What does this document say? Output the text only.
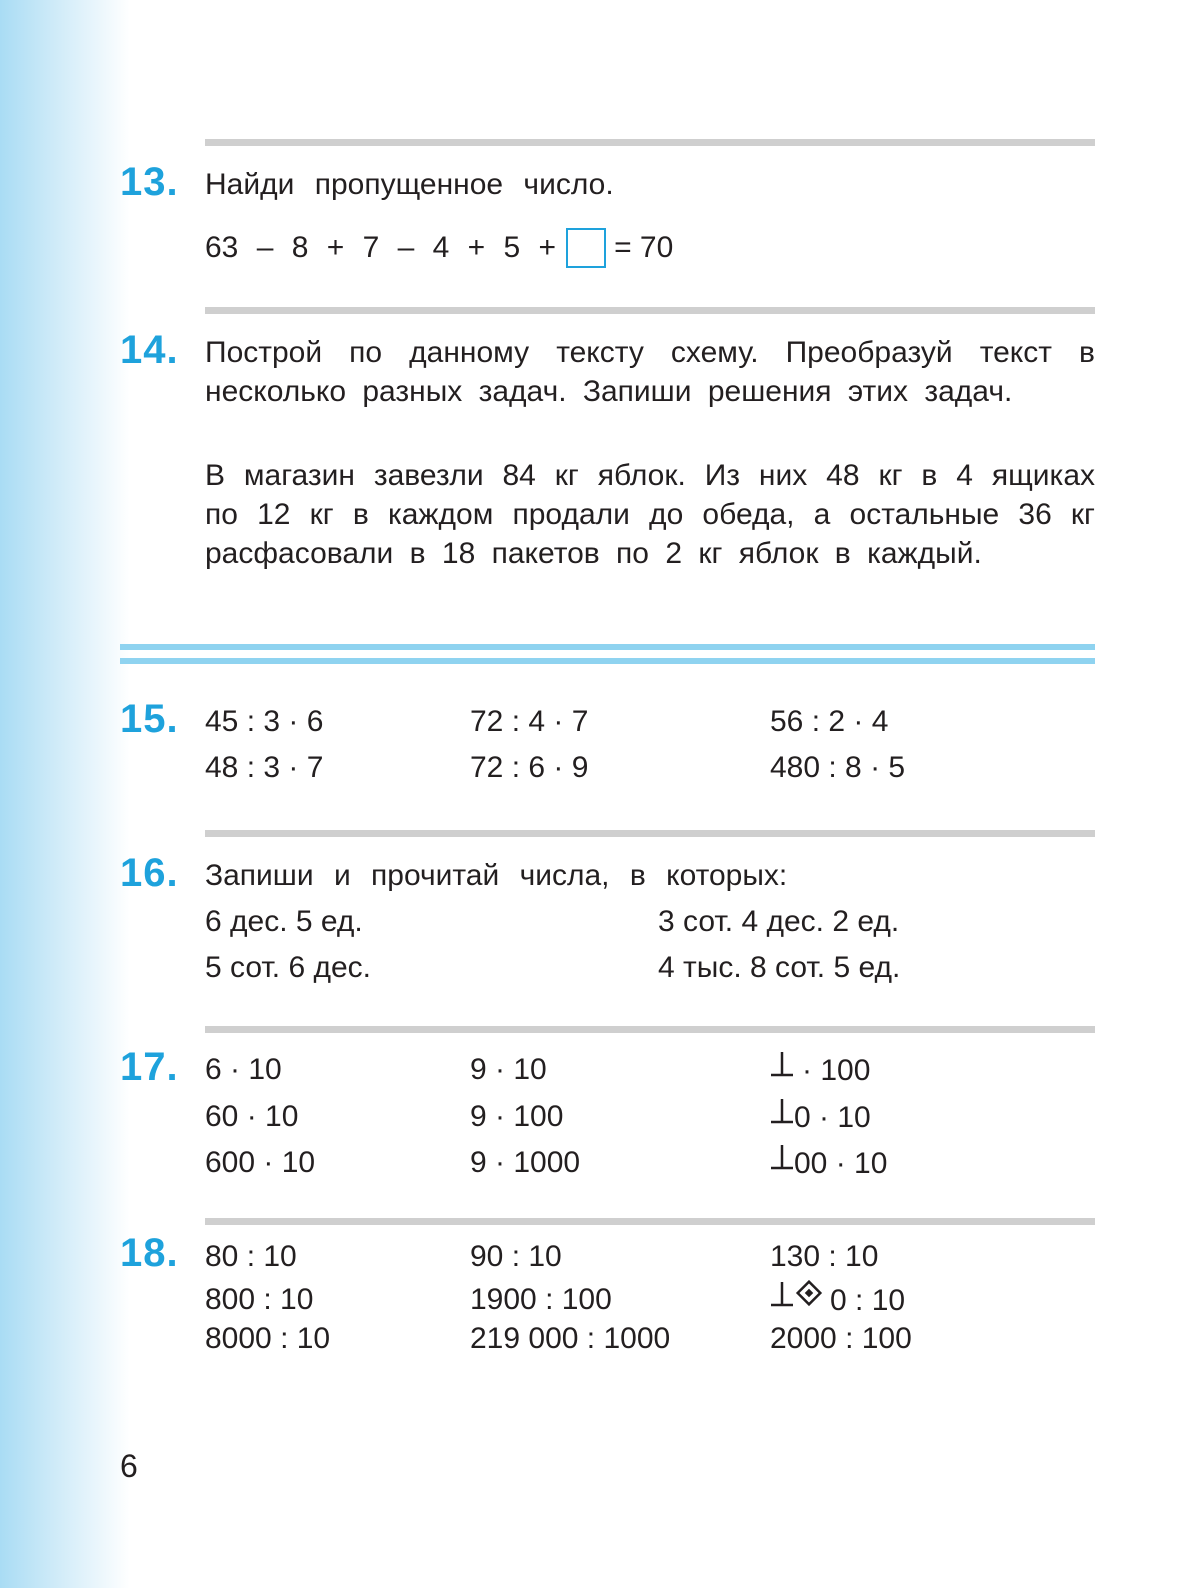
13. Найди пропущенное число.
63 – 8 + 7 – 4 + 5 + = 70
14. Построй по данному тексту схему. Преобразуй текст в несколько разных задач. Запиши решения этих задач.
В магазин завезли 84 кг яблок. Из них 48 кг в 4 ящиках по 12 кг в каждом продали до обеда, а остальные 36 кг расфасовали в 18 пакетов по 2 кг яблок в каждый.
15. 45 : 3 · 6	72 : 4 · 7	56 : 2 · 4
48 : 3 · 7	72 : 6 · 9	480 : 8 · 5
16. Запиши и прочитай числа, в которых:
6 дес. 5 ед.	3 сот. 4 дес. 2 ед.
5 сот. 6 дес.	4 тыс. 8 сот. 5 ед.
17. 6 · 10	9 · 10	· 100
60 · 10	9 · 100	0 · 10
600 · 10	9 · 1000	00 · 10
18. 80 : 10	90 : 10	130 : 10
800 : 10	1900 : 100	0 : 10
8000 : 10	219 000 : 1000	2000 : 100
6
